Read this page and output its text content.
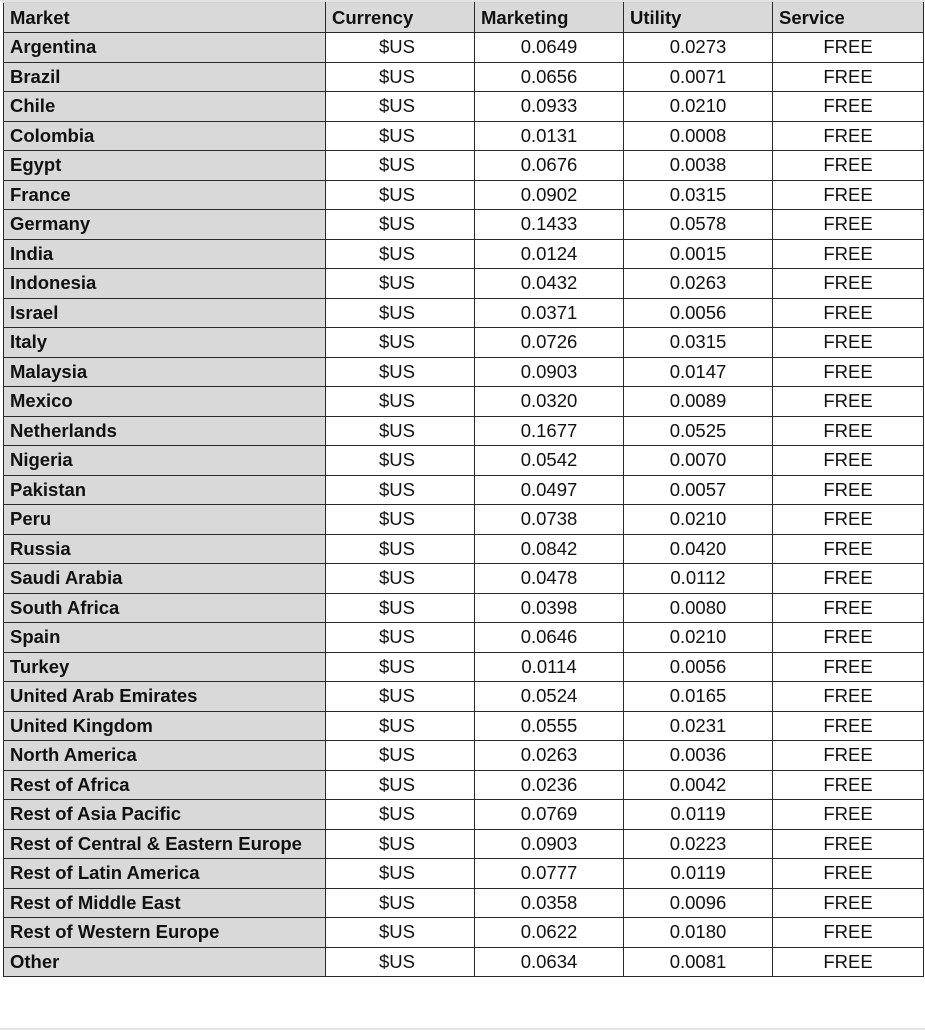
Market	Currency	Marketing	Utility	Service
Argentina	$US	0.0649	0.0273	FREE
Brazil	$US	0.0656	0.0071	FREE
Chile	$US	0.0933	0.0210	FREE
Colombia	$US	0.0131	0.0008	FREE
Egypt	$US	0.0676	0.0038	FREE
France	$US	0.0902	0.0315	FREE
Germany	$US	0.1433	0.0578	FREE
India	$US	0.0124	0.0015	FREE
Indonesia	$US	0.0432	0.0263	FREE
Israel	$US	0.0371	0.0056	FREE
Italy	$US	0.0726	0.0315	FREE
Malaysia	$US	0.0903	0.0147	FREE
Mexico	$US	0.0320	0.0089	FREE
Netherlands	$US	0.1677	0.0525	FREE
Nigeria	$US	0.0542	0.0070	FREE
Pakistan	$US	0.0497	0.0057	FREE
Peru	$US	0.0738	0.0210	FREE
Russia	$US	0.0842	0.0420	FREE
Saudi Arabia	$US	0.0478	0.0112	FREE
South Africa	$US	0.0398	0.0080	FREE
Spain	$US	0.0646	0.0210	FREE
Turkey	$US	0.0114	0.0056	FREE
United Arab Emirates	$US	0.0524	0.0165	FREE
United Kingdom	$US	0.0555	0.0231	FREE
North America	$US	0.0263	0.0036	FREE
Rest of Africa	$US	0.0236	0.0042	FREE
Rest of Asia Pacific	$US	0.0769	0.0119	FREE
Rest of Central & Eastern Europe	$US	0.0903	0.0223	FREE
Rest of Latin America	$US	0.0777	0.0119	FREE
Rest of Middle East	$US	0.0358	0.0096	FREE
Rest of Western Europe	$US	0.0622	0.0180	FREE
Other	$US	0.0634	0.0081	FREE
